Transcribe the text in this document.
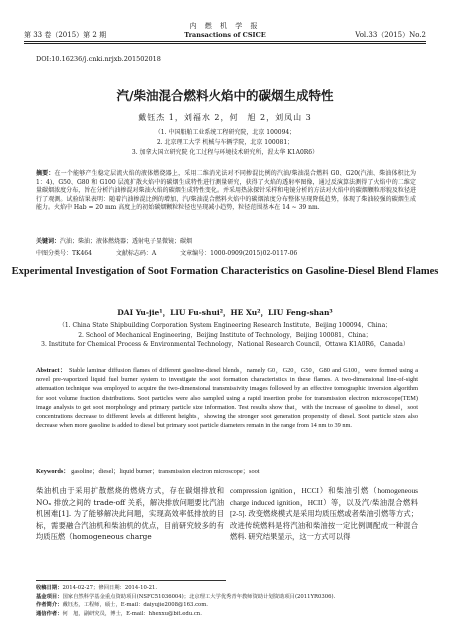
第 33 卷（2015）第 2 期
内 燃 机 学 报
Transactions of CSICE	Vol.33（2015）No.2
DOI:10.16236/j.cnki.nrjxb.201502018
汽/柴油混合燃料火焰中的碳烟生成特性
戴钰杰 1，刘福水 2，何　旭 2，刘凤山 3
（1. 中国船舶工业系统工程研究院，北京 100094；
2. 北京理工大学 机械与车辆学院，北京 100081；
3. 加拿大国立研究院 化工过程与环境技术研究所，渥太华 K1A0R6）
摘要：在一个能够产生稳定层流火焰的液体燃烧器上，采用二维消光法对不同掺混比例的汽油/柴油混合燃料 G0、G20(汽油、柴油体积比为 1：4)、G50、G80 和 G100 层流扩散火焰中的碳烟生成特性进行测量研究，获得了火焰的透射率图像，通过反演算法测得了火焰中的二维定量碳烟浓度分布，旨在分析汽油掺混对柴油火焰的碳烟生成特性变化。并采用热泳探针采样和电镜分析的方法对火焰中的碳烟颗粒形貌及粒径进行了观测。试验结果表明：随着汽油掺混比例的增加，汽/柴油混合燃料火焰中的碳烟浓度分布整体呈现降低趋势，体现了柴油较强的碳烟生成能力。火焰中 Hab = 20 mm 高度上的初始碳烟颗粒粒径也呈现减小趋势，粒径范围基本在 14 ~ 39 nm.
关键词：汽油；柴油；液体燃烧器；透射电子显微镜；碳烟
中图分类号：TK464	文献标志码：A	文章编号：1000-0909(2015)02-0117-06
Experimental Investigation of Soot Formation Characteristics on Gasoline-Diesel Blend Flames
DAI Yu-jie¹，LIU Fu-shui²，HE Xu²，LIU Feng-shan³
（1. China State Shipbuilding Corporation System Engineering Research Institute，Beijing 100094，China；
2. School of Mechanical Engineering，Beijing Institute of Technology，Beijing 100081，China；
3. Institute for Chemical Process & Environmental Technology，National Research Council，Ottawa K1A0R6，Canada）
Abstract： Stable laminar diffusion flames of different gasoline-diesel blends，namely G0，G20，G50，G80 and G100，were formed using a novel pre-vaporized liquid fuel burner system to investigate the soot formation characteristics in these flames. A two-dimensional line-of-sight attenuation technique was employed to acquire the two-dimensional transmissivity images followed by an effective tomographic inversion algorithm for soot volume fraction distributions. Soot particles were also sampled using a rapid insertion probe for transmission electron microscope(TEM) image analysis to get soot morphology and primary particle size information. Test results show that，with the increase of gasoline to diesel，soot concentrations decrease to different levels at different heights，showing the stronger soot generation propensity of diesel. Soot particle sizes also decrease when more gasoline is added to diesel but primary soot particle diameters remain in the range from 14 nm to 39 nm.
Keywords： gasoline；diesel；liquid burner；transmission electron microscope；soot
柴油机由于采用扩散燃烧的燃烧方式，存在碳烟排放和 NOₓ 排放之间的 trade-off 关系，解决排放问题要比汽油机困难[1]. 为了能够解决此问题，实现高效率低排放的目标，需要融合汽油机和柴油机的优点，目前研究较多的有均质压燃（homogeneous charge
compression ignition，HCCI）和柴油引燃（homogeneous charge induced ignition，HCII）等，以及汽/柴油混合燃料[2-5]. 改变燃烧模式是采用均质压燃或者柴油引燃等方式；改进传统燃料是将汽油和柴油按一定比例调配成一种混合燃料. 研究结果显示，这一方式可以得
收稿日期：2014-02-27；修回日期：2014-10-21.
基金项目：国家自然科学基金重点资助项目(NSFC51036004)；北京理工大学优秀青年教师资助计划资助项目(2011YR0306).
作者简介：戴钰杰，工程师，硕士，E-mail：daiyujie2008@163.com.
通信作者：何　旭，副研究员，博士，E-mail：hhexxu@bit.edu.cn.
